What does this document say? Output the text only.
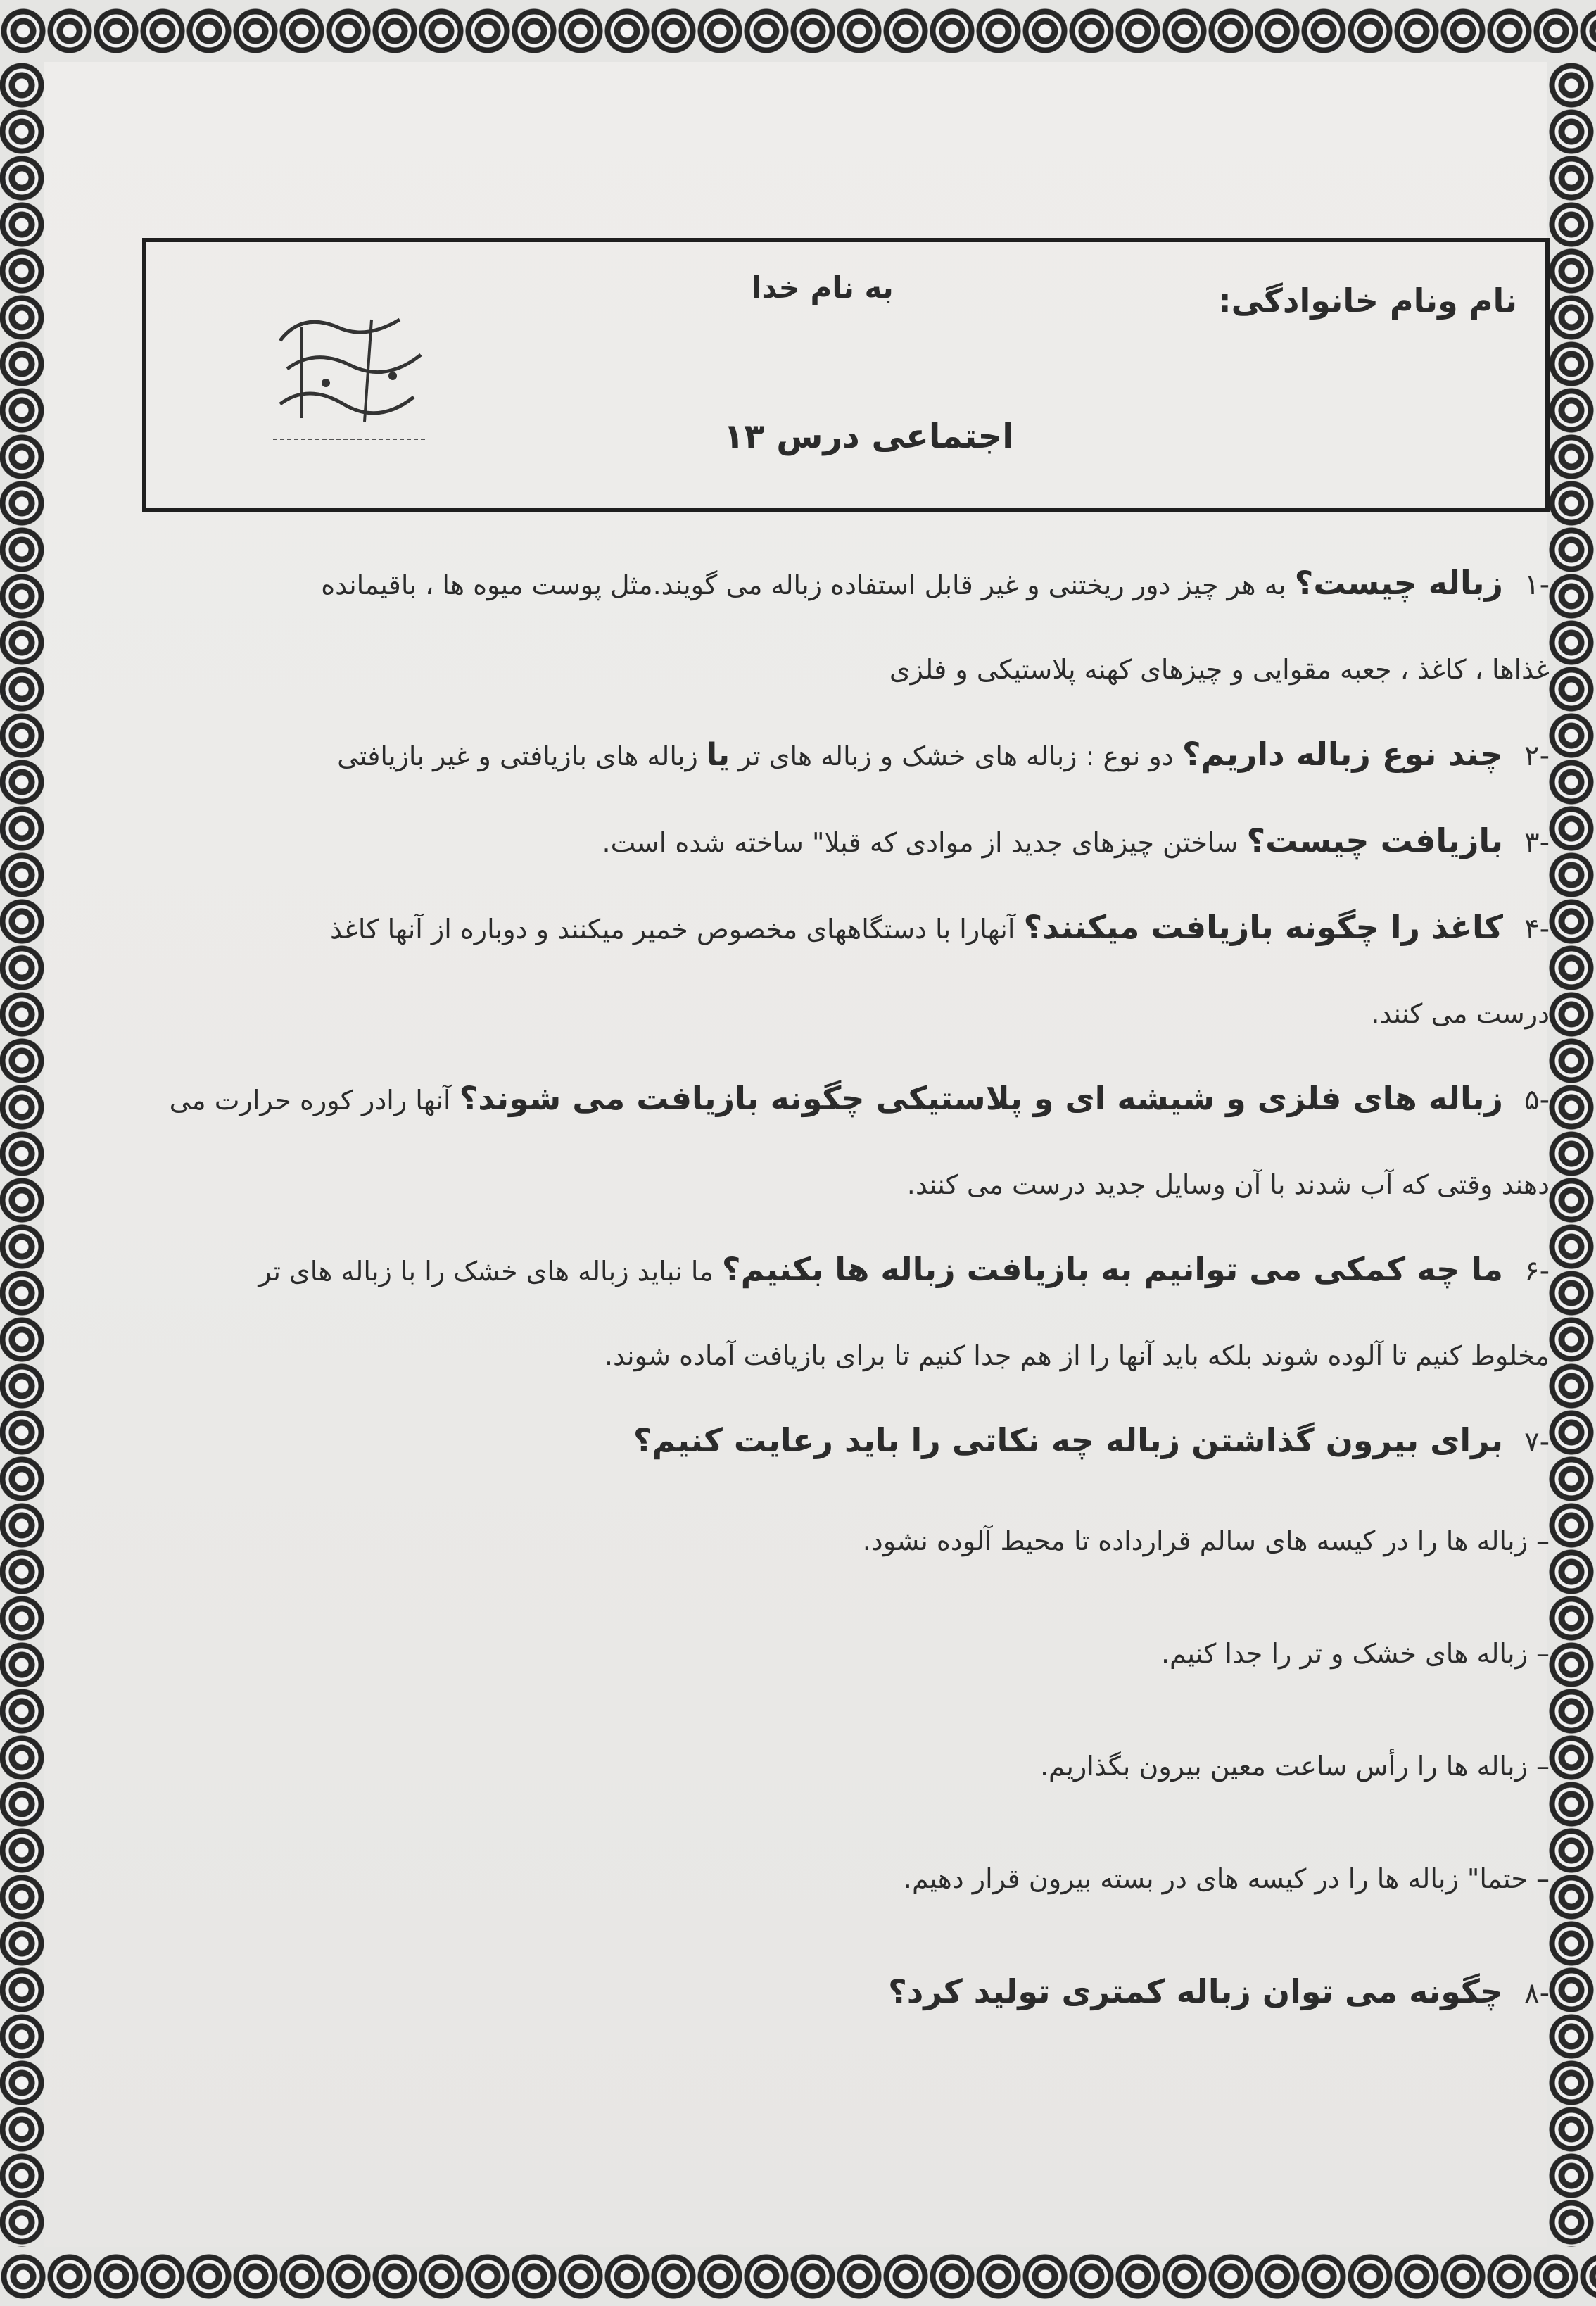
نام ونام خانوادگی:
به نام خدا
اجتماعی درس ۱۳

-۱ زباله چیست؟ به هر چیز دور ریختنی و غیر قابل استفاده زباله می گویند.مثل پوست میوه ها ، باقیمانده

غذاها ، کاغذ ، جعبه مقوایی و چیزهای کهنه پلاستیکی و فلزی

-۲ چند نوع زباله داریم؟ دو نوع : زباله های خشک و زباله های تر یا زباله های بازیافتی و غیر بازیافتی

-۳ بازیافت چیست؟ ساختن چیزهای جدید از موادی که قبلا" ساخته شده است.

-۴ کاغذ را چگونه بازیافت میکنند؟ آنهارا با دستگاههای مخصوص خمیر میکنند و دوباره از آنها کاغذ

درست می کنند.

-۵ زباله های فلزی و شیشه ای و پلاستیکی چگونه بازیافت می شوند؟ آنها رادر کوره حرارت می

دهند وقتی که آب شدند با آن وسایل جدید درست می کنند.

-۶ ما چه کمکی می توانیم به بازیافت زباله ها بکنیم؟ ما نباید زباله های خشک را با زباله های تر

مخلوط کنیم تا آلوده شوند بلکه باید آنها را از هم جدا کنیم تا برای بازیافت آماده شوند.

-۷ برای بیرون گذاشتن زباله چه نکاتی را باید رعایت کنیم؟

– زباله ها را در کیسه های سالم قرارداده تا محیط آلوده نشود.

– زباله های خشک و تر را جدا کنیم.

– زباله ها را رأس ساعت معین بیرون بگذاریم.

– حتما" زباله ها را در کیسه های در بسته بیرون قرار دهیم.

-۸ چگونه می توان زباله کمتری تولید کرد؟
